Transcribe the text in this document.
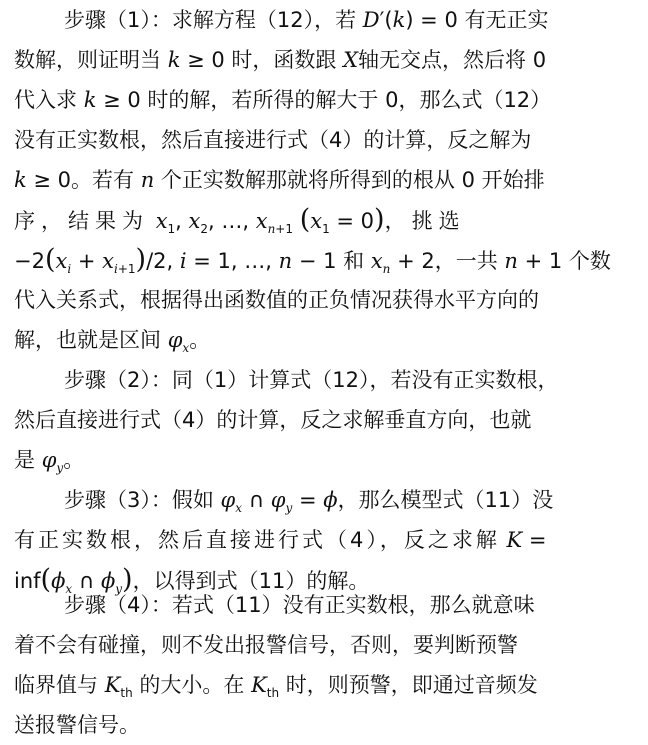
步骤（1）：求解方程（12），若 D′(k) = 0 有无正实
数解，则证明当 k ≥ 0 时，函数跟 X轴无交点，然后将 0
代入求 k ≥ 0 时的解，若所得的解大于 0，那么式（12）
没有正实数根，然后直接进行式（4）的计算，反之解为
k ≥ 0。若有 n 个正实数解那就将所得到的根从 0 开始排
序，结果为 $x_1$, $x_2$, …, $x_{n+1}$ $(x_1 = 0)$，挑选
$-2(x_i + x_{i+1})/2$, i = 1, …, n − 1 和 $x_n + 2$，一共 n + 1 个数
代入关系式，根据得出函数值的正负情况获得水平方向的
解，也就是区间 $\varphi_x$。
步骤（2）：同（1）计算式（12），若没有正实数根，
然后直接进行式（4）的计算，反之求解垂直方向，也就
是 $\varphi_y$。
步骤（3）：假如 $\varphi_x$ ∩ $\varphi_y = \phi$，那么模型式（11）没
有正实数根，然后直接进行式（4），反之求解 K =
$inf(\phi_x$ ∩ $\phi_y$)，以得到式（11）的解。
步骤（4）：若式（11）没有正实数根，那么就意味
着不会有碰撞，则不发出报警信号，否则，要判断预警
临界值与 $K_{th}$ 的大小。在 $K_{th}$ 时，则预警，即通过音频发
送报警信号。
